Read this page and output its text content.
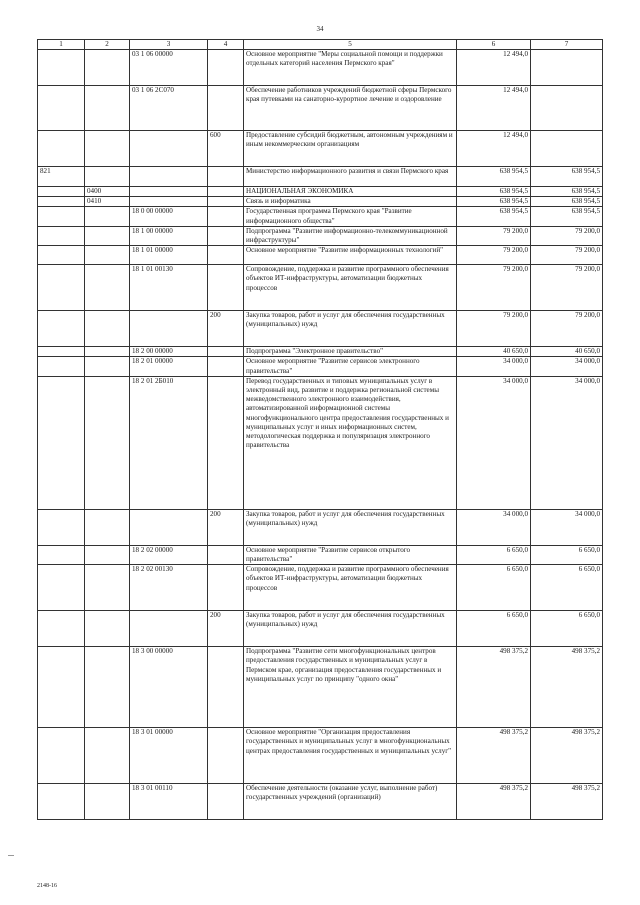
34
1	2	3	4	5	6	7
		03 1 06 00000		Основное мероприятие "Меры социальной помощи и поддержки отдельных категорий населения Пермского края"	12 494,0	
		03 1 06 2С070		Обеспечение работников учреждений бюджетной сферы Пермского края путевками на санаторно-курортное лечение и оздоровление	12 494,0	
			600	Предоставление субсидий бюджетным, автономным учреждениям и иным некоммерческим организациям	12 494,0	
821				Министерство информационного развития и связи Пермского края	638 954,5	638 954,5
	0400			НАЦИОНАЛЬНАЯ ЭКОНОМИКА	638 954,5	638 954,5
	0410			Связь и информатика	638 954,5	638 954,5
		18 0 00 00000		Государственная программа Пермского края "Развитие информационного общества"	638 954,5	638 954,5
		18 1 00 00000		Подпрограмма "Развитие информационно-телекоммуникационной инфраструктуры"	79 200,0	79 200,0
		18 1 01 00000		Основное мероприятие "Развитие информационных технологий"	79 200,0	79 200,0
		18 1 01 00130		Сопровождение, поддержка и развитие программного обеспечения объектов ИТ-инфраструктуры, автоматизации бюджетных процессов	79 200,0	79 200,0
			200	Закупка товаров, работ и услуг для обеспечения государственных (муниципальных) нужд	79 200,0	79 200,0
		18 2 00 00000		Подпрограмма "Электронное правительство"	40 650,0	40 650,0
		18 2 01 00000		Основное мероприятие "Развитие сервисов электронного правительства"	34 000,0	34 000,0
		18 2 01 2Б010		Перевод государственных и типовых муниципальных услуг в электронный вид, развитие и поддержка региональной системы межведомственного электронного взаимодействия, автоматизированной информационной системы многофункционального центра предоставления государственных и муниципальных услуг и иных информационных систем, методологическая поддержка и популяризация электронного правительства	34 000,0	34 000,0
			200	Закупка товаров, работ и услуг для обеспечения государственных (муниципальных) нужд	34 000,0	34 000,0
		18 2 02 00000		Основное мероприятие "Развитие сервисов открытого правительства"	6 650,0	6 650,0
		18 2 02 00130		Сопровождение, поддержка и развитие программного обеспечения объектов ИТ-инфраструктуры, автоматизации бюджетных процессов	6 650,0	6 650,0
			200	Закупка товаров, работ и услуг для обеспечения государственных (муниципальных) нужд	6 650,0	6 650,0
		18 3 00 00000		Подпрограмма "Развитие сети многофункциональных центров предоставления государственных и муниципальных услуг в Пермском крае, организация предоставления государственных и муниципальных услуг по принципу "одного окна"	498 375,2	498 375,2
		18 3 01 00000		Основное мероприятие "Организация предоставления государственных и муниципальных услуг в многофункциональных центрах предоставления государственных и муниципальных услуг"	498 375,2	498 375,2
		18 3 01 00110		Обеспечение деятельности (оказание услуг, выполнение работ) государственных учреждений (организаций)	498 375,2	498 375,2
2148-16
